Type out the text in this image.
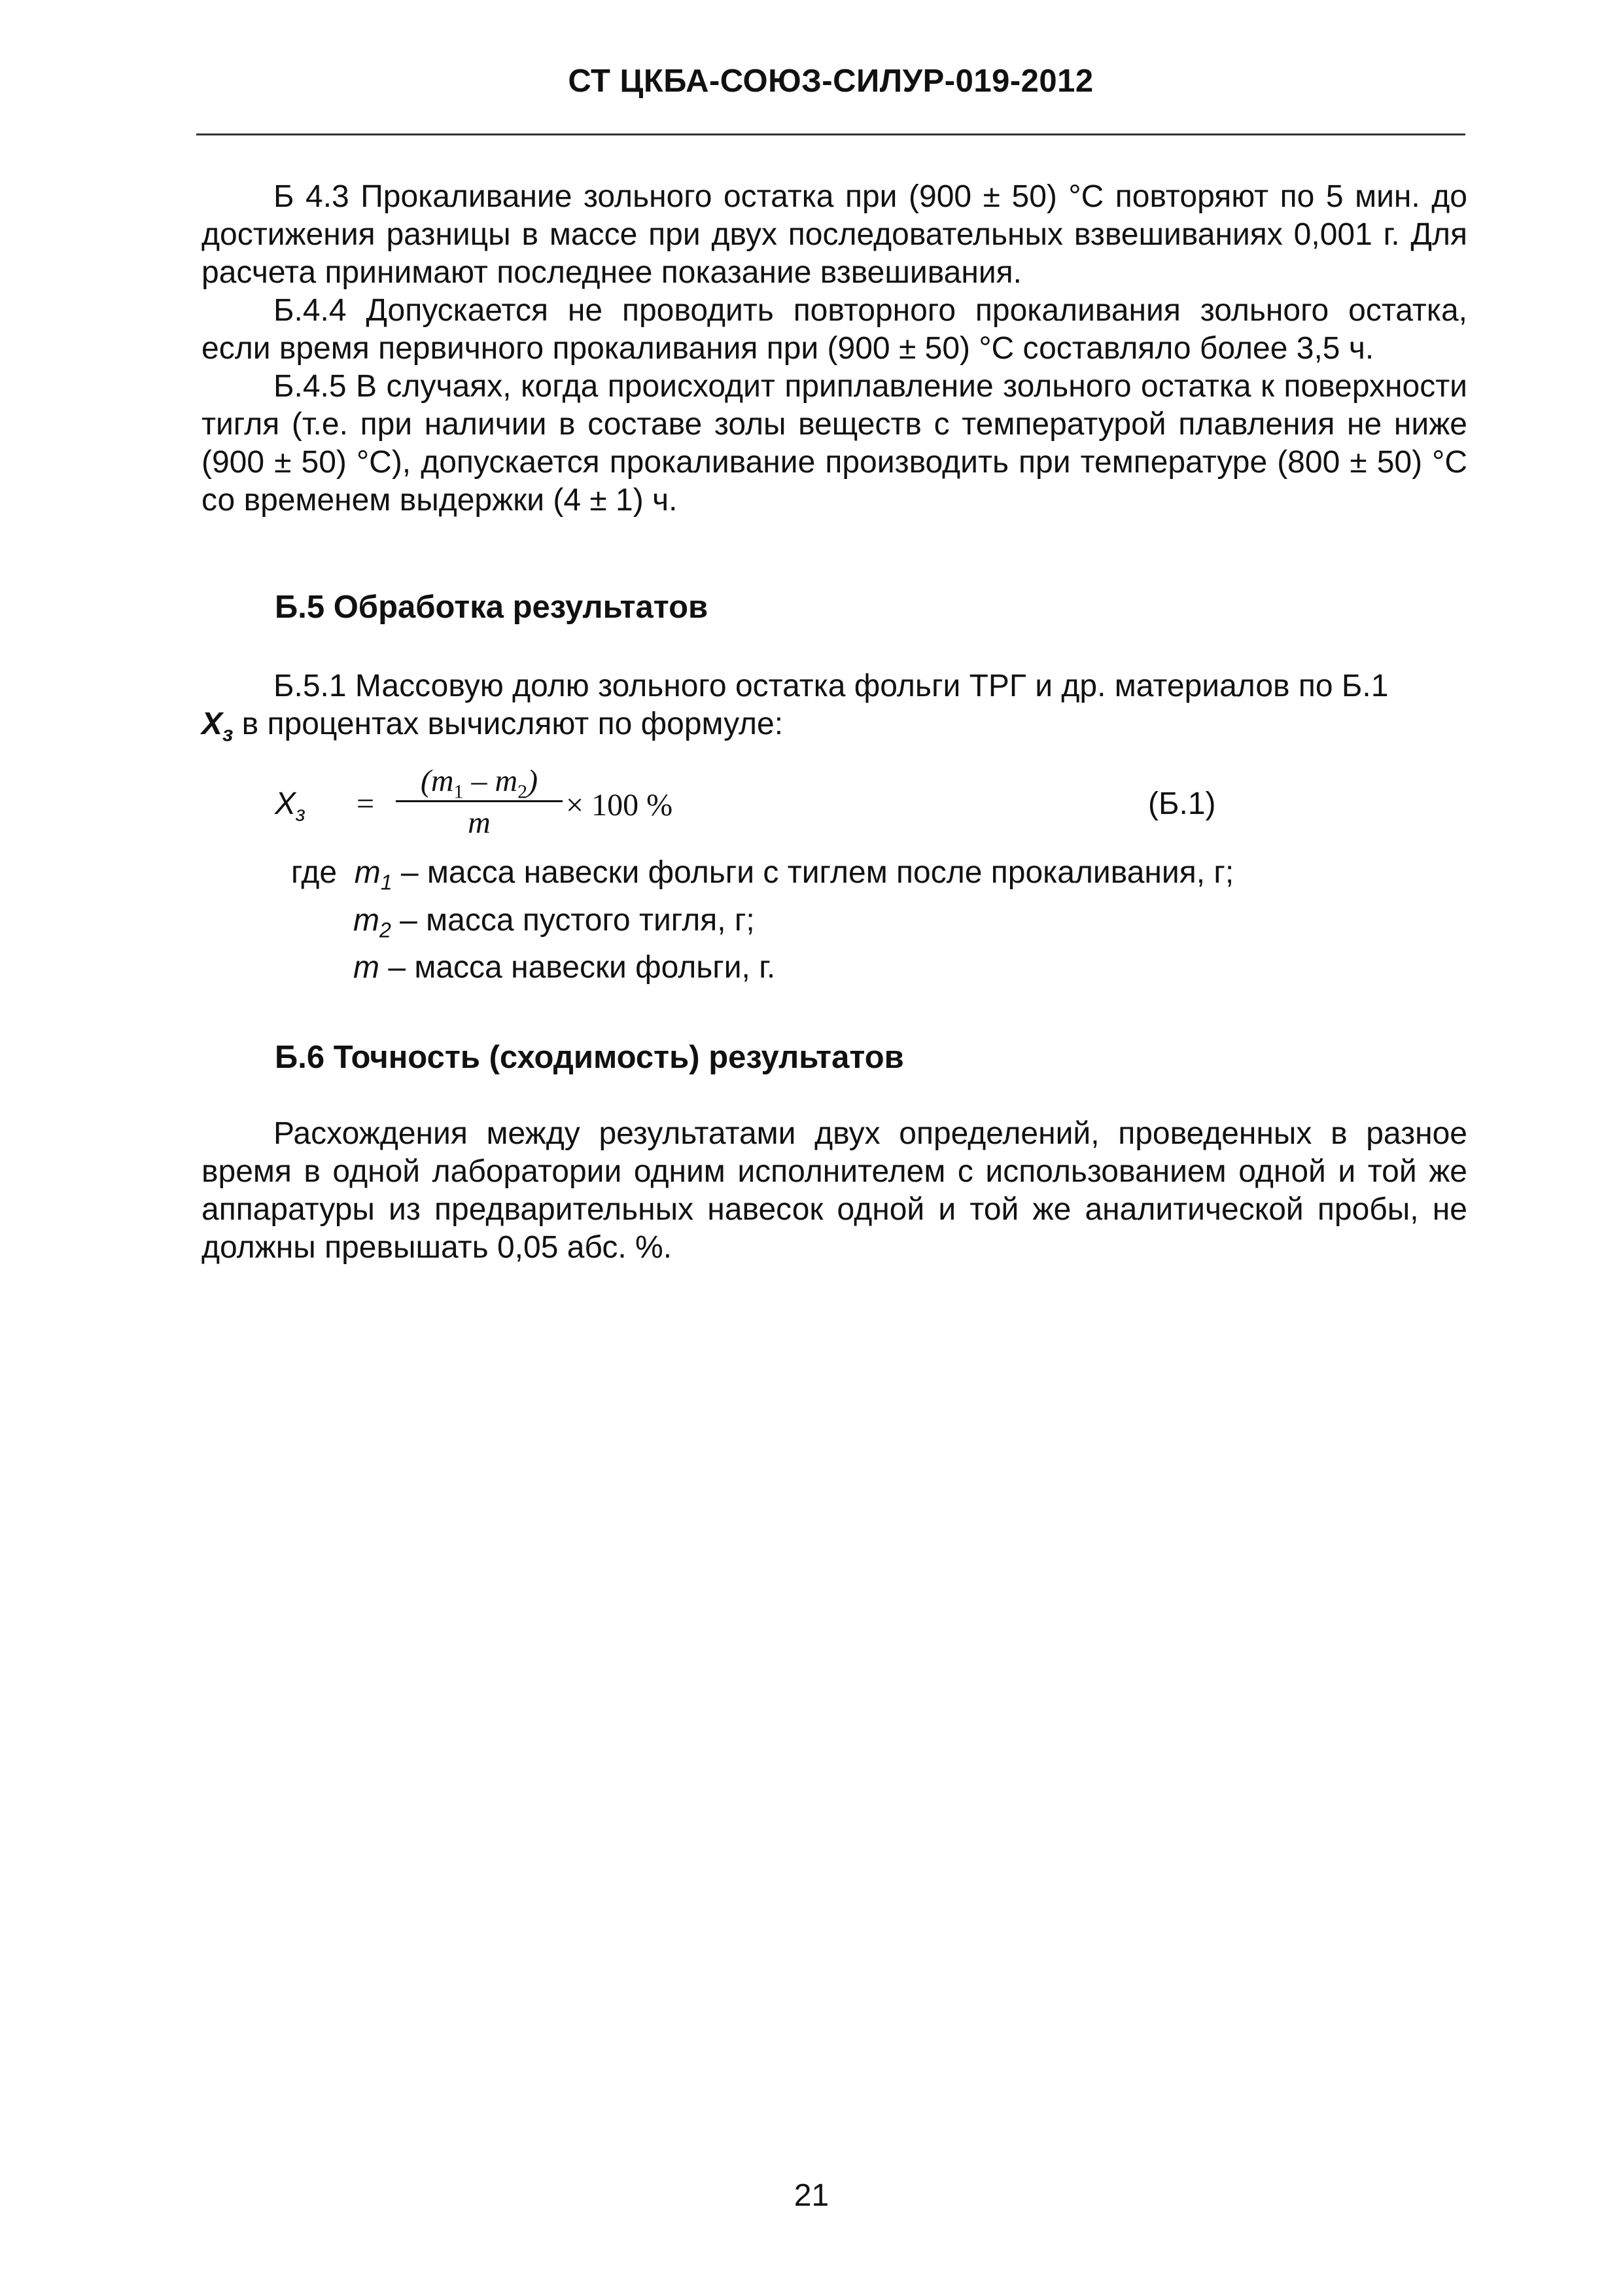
СТ ЦКБА-СОЮЗ-СИЛУР-019-2012

Б 4.3 Прокаливание зольного остатка при (900 ± 50) °С повторяют по 5 мин. до достижения разницы в массе при двух последовательных взвешиваниях 0,001 г. Для расчета принимают последнее показание взвешивания.

Б.4.4 Допускается не проводить повторного прокаливания зольного остатка, если время первичного прокаливания при (900 ± 50) °С составляло более 3,5 ч.

Б.4.5 В случаях, когда происходит приплавление зольного остатка к поверхности тигля (т.е. при наличии в составе золы веществ с температурой плавления не ниже (900 ± 50) °С), допускается прокаливание производить при температуре (800 ± 50) °С со временем выдержки (4 ± 1) ч.

Б.5 Обработка результатов
Б.5.1 Массовую долю зольного остатка фольги ТРГ и др. материалов по Б.1
$X_з$ в процентах вычисляют по формуле:
$X_з$ =
$(m_1 - m_2)$
m
× 100 %	(Б.1)
где $m_1$ – масса навески фольги с тиглем после прокаливания, г;
$m_2$ – масса пустого тигля, г;
m – масса навески фольги, г.
Б.6 Точность (сходимость) результатов

Расхождения между результатами двух определений, проведенных в разное время в одной лаборатории одним исполнителем с использованием одной и той же аппаратуры из предварительных навесок одной и той же аналитической пробы, не должны превышать 0,05 абс. %.

21
